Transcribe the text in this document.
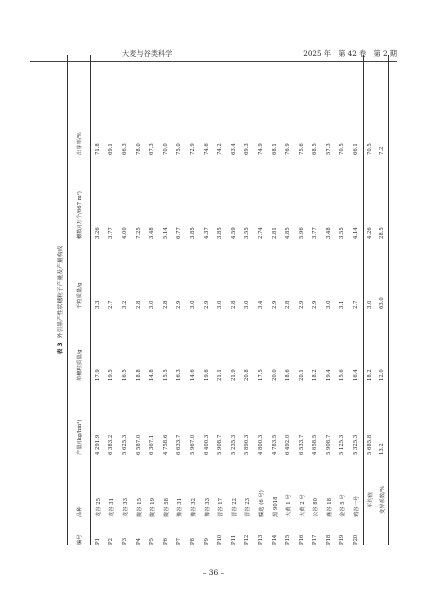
大麦与谷类科学	2025 年　第 42 卷　第 2 期
表 3外引黑产性状穗粒子产量及产量构成
编号	品种	产量/(kg/hm²)	单穗粒质量/g	千粒质量/g	穗数/(万个/667 m²)	出芽率/%
P1	龙谷 25	4 291.9	17.9	3.3	3.26	71.8
P2	龙谷 31	6 383.2	19.5	2.7	3.77	69.1
P3	龙谷 33	5 625.3	16.5	3.2	4.00	66.3
P4	陇谷 15	6 587.0	18.8	2.8	7.25	78.0
P5	陇谷 19	6 367.1	14.8	3.0	3.48	67.3
P6	陇谷 58	4 758.6	15.5	2.8	5.14	70.0
P7	豫谷 31	6 633.7	16.3	2.9	6.77	75.0
P8	豫谷 32	5 967.0	14.6	3.0	3.85	72.9
P9	豫谷 33	6 400.3	19.6	2.9	4.37	74.6
P10	晋谷 17	5 908.7	21.1	3.0	3.85	74.2
P11	晋谷 22	5 235.3	21.9	2.8	4.59	63.4
P12	晋谷 23	5 890.3	20.8	3.0	3.55	69.3
P13	糯选 (6 号)	4 800.3	17.5	3.4	2.74	74.9
P14	黑 9018	4 783.5	20.0	2.9	2.81	68.1
P15	大黄 1 号	6 492.0	18.6	2.8	4.85	76.9
P16	大黄 2 号	6 533.7	20.1	2.9	5.96	75.6
P17	公谷 80	4 658.5	18.2	2.9	3.77	68.5
P18	燕谷 18	5 908.7	19.4	3.0	3.48	57.3
P19	金谷 5 号	5 125.3	15.6	3.1	3.55	70.5
P20	鸡谷一号	5 325.3	16.4	2.7	4.14	66.1
平均值		5 685.8	18.2	3.0	4.26	70.5
变异系数/%		13.2	12.0	63.0	28.5	7.2
– 36 –
